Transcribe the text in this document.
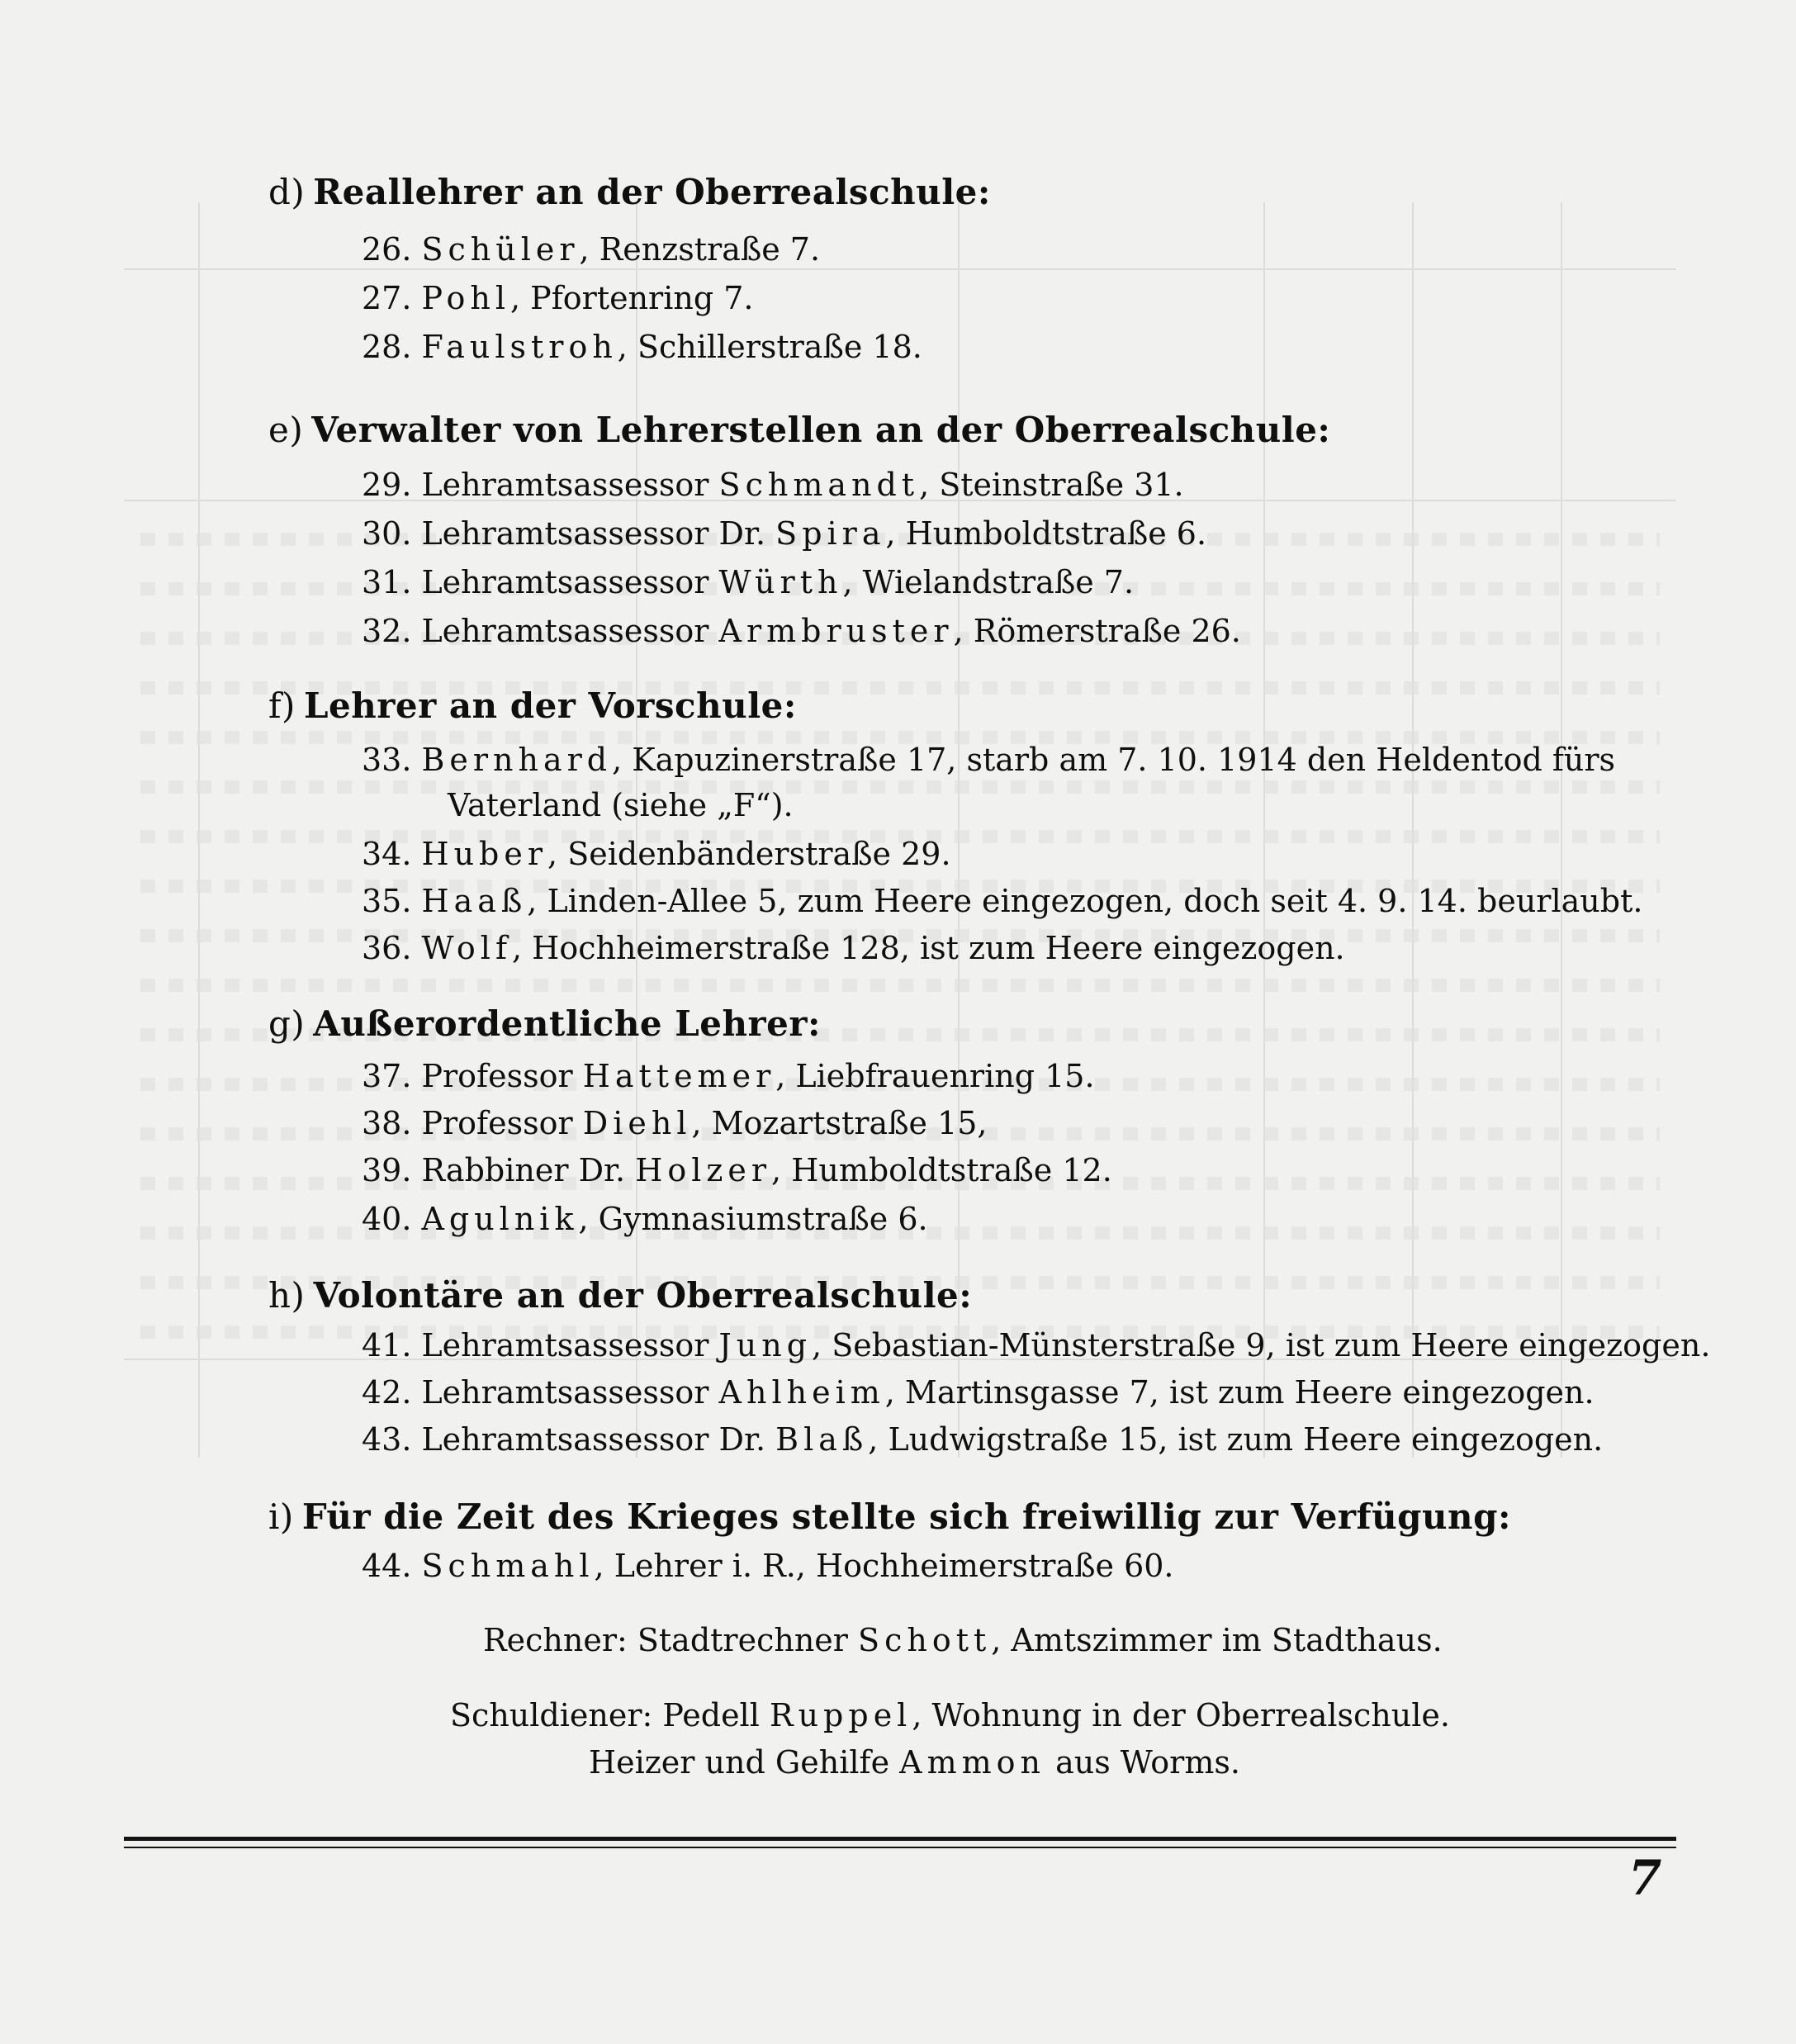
d) Reallehrer an der Oberrealschule:
26. Schüler, Renzstraße 7.
27. Pohl, Pfortenring 7.
28. Faulstroh, Schillerstraße 18.
e) Verwalter von Lehrerstellen an der Oberrealschule:
29. Lehramtsassessor Schmandt, Steinstraße 31.
30. Lehramtsassessor Dr. Spira, Humboldtstraße 6.
31. Lehramtsassessor Würth, Wielandstraße 7.
32. Lehramtsassessor Armbruster, Römerstraße 26.
f) Lehrer an der Vorschule:
33. Bernhard, Kapuzinerstraße 17, starb am 7. 10. 1914 den Heldentod fürs
Vaterland (siehe „F“).
34. Huber, Seidenbänderstraße 29.
35. Haaß, Linden-Allee 5, zum Heere eingezogen, doch seit 4. 9. 14. beurlaubt.
36. Wolf, Hochheimerstraße 128, ist zum Heere eingezogen.
g) Außerordentliche Lehrer:
37. Professor Hattemer, Liebfrauenring 15.
38. Professor Diehl, Mozartstraße 15,
39. Rabbiner Dr. Holzer, Humboldtstraße 12.
40. Agulnik, Gymnasiumstraße 6.
h) Volontäre an der Oberrealschule:
41. Lehramtsassessor Jung, Sebastian-Münsterstraße 9, ist zum Heere eingezogen.
42. Lehramtsassessor Ahlheim, Martinsgasse 7, ist zum Heere eingezogen.
43. Lehramtsassessor Dr. Blaß, Ludwigstraße 15, ist zum Heere eingezogen.
i) Für die Zeit des Krieges stellte sich freiwillig zur Verfügung:
44. Schmahl, Lehrer i. R., Hochheimerstraße 60.
Rechner: Stadtrechner Schott, Amtszimmer im Stadthaus.
Schuldiener: Pedell Ruppel, Wohnung in der Oberrealschule.
Heizer und Gehilfe Ammon aus Worms.
7
